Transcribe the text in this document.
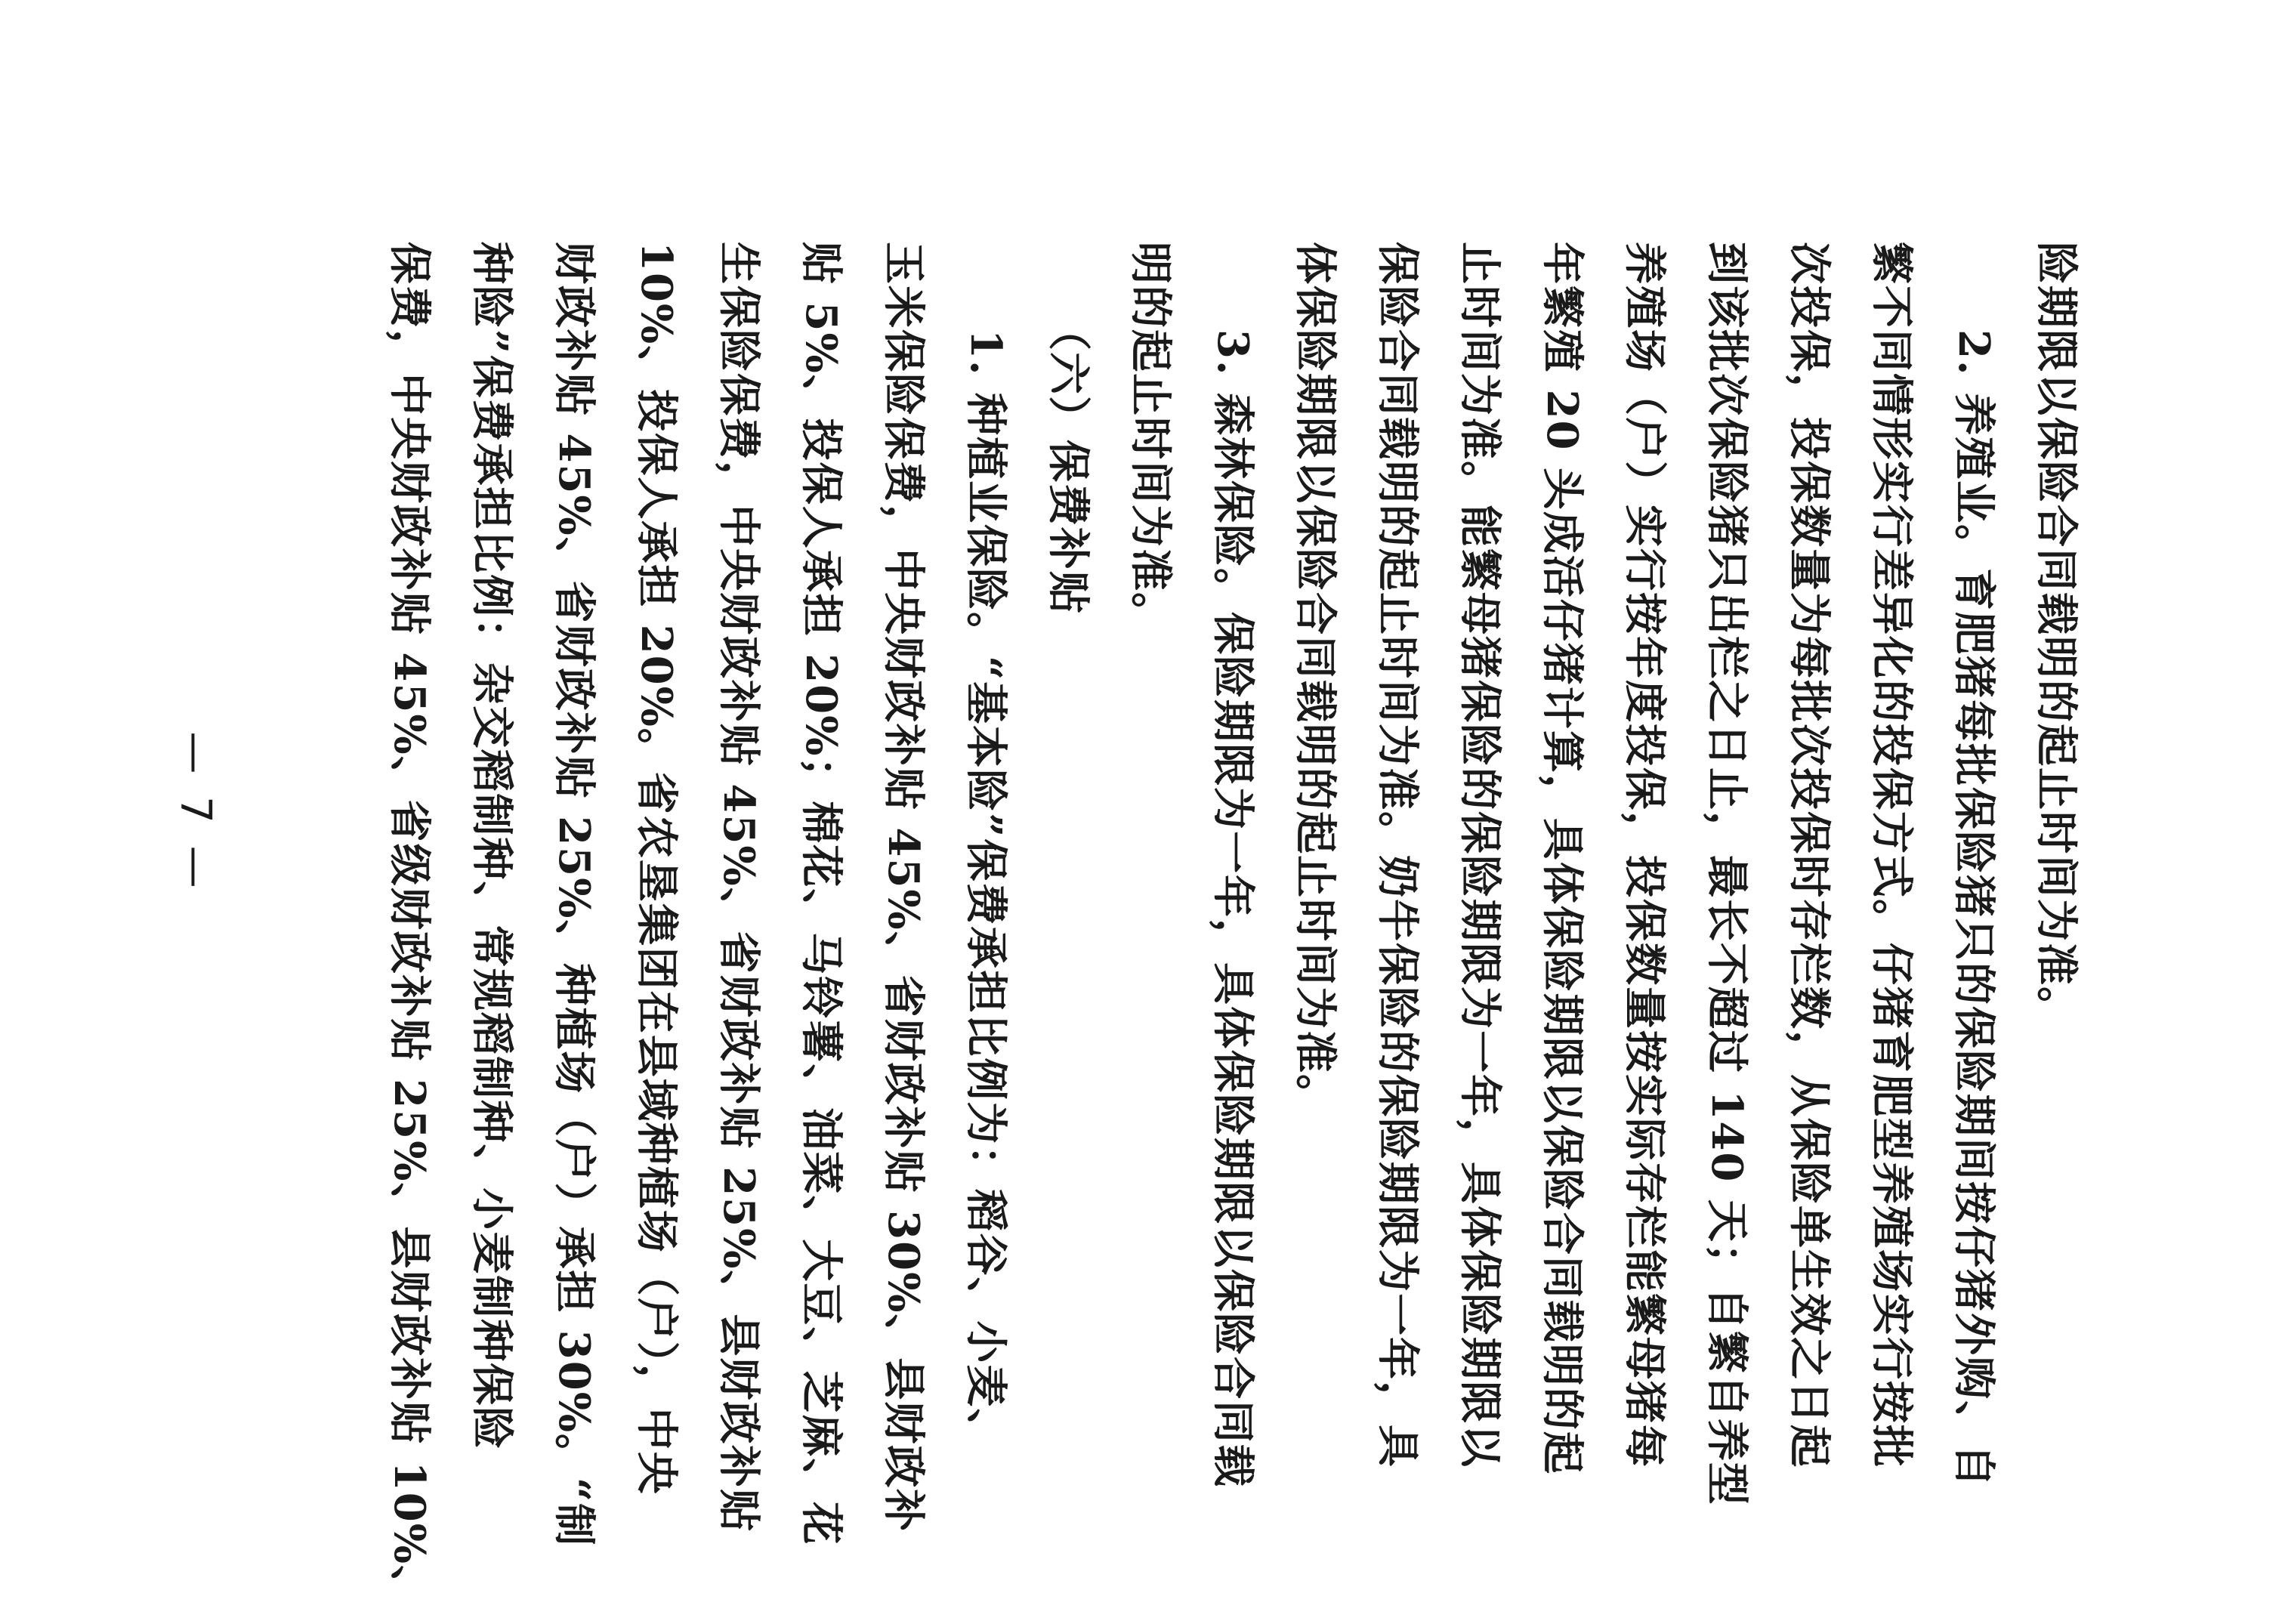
险期限以保险合同载明的起止时间为准。
　　2. 养殖业。育肥猪每批保险猪只的保险期间按仔猪外购、自
繁不同情形实行差异化的投保方式。仔猪育肥型养殖场实行按批
次投保，投保数量为每批次投保时存栏数，从保险单生效之日起
到该批次保险猪只出栏之日止，最长不超过 140 天；自繁自养型
养殖场（户）实行按年度投保，投保数量按实际存栏能繁母猪每
年繁殖 20 头成活仔猪计算，具体保险期限以保险合同载明的起
止时间为准。能繁母猪保险的保险期限为一年，具体保险期限以
保险合同载明的起止时间为准。奶牛保险的保险期限为一年，具
体保险期限以保险合同载明的起止时间为准。
　　3. 森林保险。保险期限为一年，具体保险期限以保险合同载
明的起止时间为准。
　　（六）保费补贴
　　1. 种植业保险。“基本险”保费承担比例为：稻谷、小麦、
玉米保险保费，中央财政补贴 45%、省财政补贴 30%、县财政补
贴 5%、投保人承担 20%；棉花、马铃薯、油菜、大豆、芝麻、花
生保险保费，中央财政补贴 45%、省财政补贴 25%、县财政补贴
10%、投保人承担 20%。省农垦集团在县域种植场（户），中央
财政补贴 45%、省财政补贴 25%、种植场（户）承担 30%。“制
种险”保费承担比例：杂交稻制种、常规稻制种、小麦制种保险
保费，中央财政补贴 45%、省级财政补贴 25%、县财政补贴 10%、
— 7 —
